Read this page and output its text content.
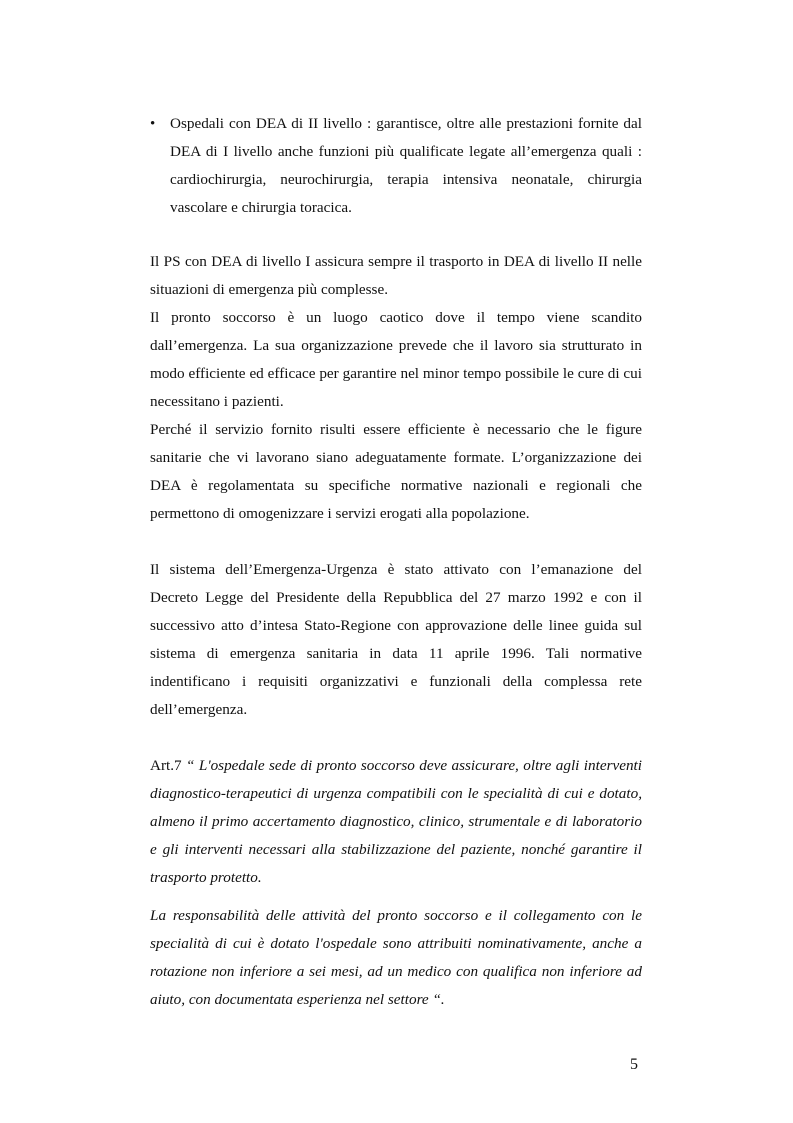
• Ospedali con DEA di II livello : garantisce, oltre alle prestazioni fornite dal DEA di I livello anche funzioni più qualificate legate all’emergenza quali : cardiochirurgia, neurochirurgia, terapia intensiva neonatale, chirurgia vascolare e chirurgia toracica.

Il PS con DEA di livello I assicura sempre il trasporto in DEA di livello II nelle situazioni di emergenza più complesse.

Il pronto soccorso è un luogo caotico dove il tempo viene scandito dall’emergenza. La sua organizzazione prevede che il lavoro sia strutturato in modo efficiente ed efficace per garantire nel minor tempo possibile le cure di cui necessitano i pazienti.

Perché il servizio fornito risulti essere efficiente è necessario che le figure sanitarie che vi lavorano siano adeguatamente formate. L’organizzazione dei DEA è regolamentata su specifiche normative nazionali e regionali che permettono di omogenizzare i servizi erogati alla popolazione.

Il sistema dell’Emergenza-Urgenza è stato attivato con l’emanazione del Decreto Legge del Presidente della Repubblica del 27 marzo 1992 e con il successivo atto d’intesa Stato-Regione con approvazione delle linee guida sul sistema di emergenza sanitaria in data 11 aprile 1996. Tali normative indentificano i requisiti organizzativi e funzionali della complessa rete dell’emergenza.

Art.7 “ L'ospedale sede di pronto soccorso deve assicurare, oltre agli interventi diagnostico-terapeutici di urgenza compatibili con le specialità di cui e dotato, almeno il primo accertamento diagnostico, clinico, strumentale e di laboratorio e gli interventi necessari alla stabilizzazione del paziente, nonché garantire il trasporto protetto.

La responsabilità delle attività del pronto soccorso e il collegamento con le specialità di cui è dotato l'ospedale sono attribuiti nominativamente, anche a rotazione non inferiore a sei mesi, ad un medico con qualifica non inferiore ad aiuto, con documentata esperienza nel settore “.

5
